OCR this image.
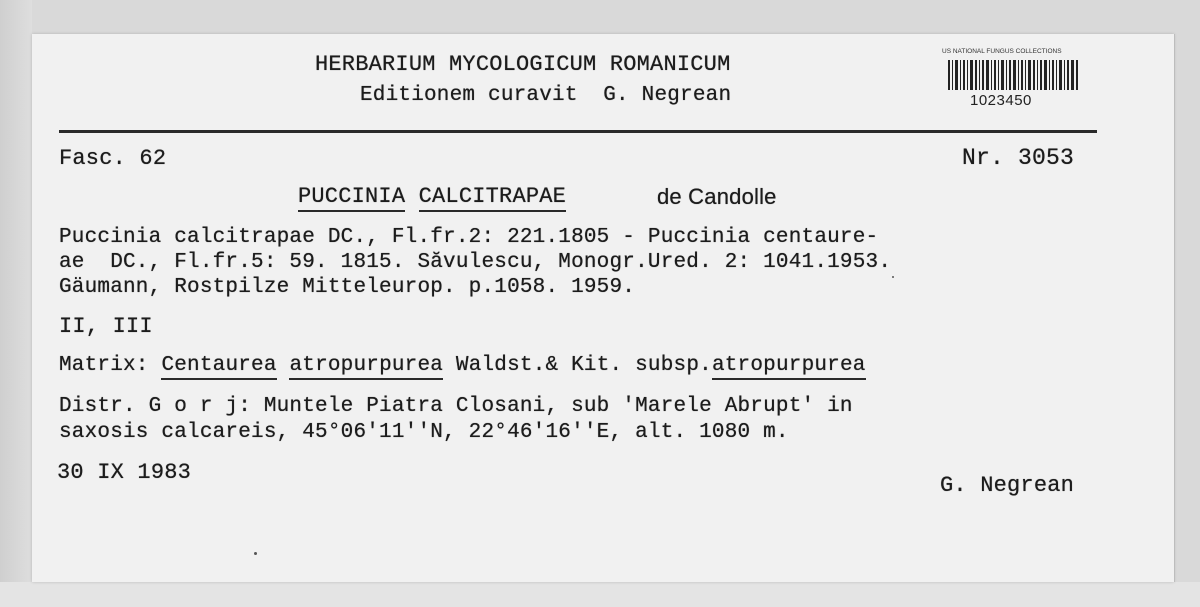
HERBARIUM MYCOLOGICUM ROMANICUM
Editionem curavit  G. Negrean
US NATIONAL FUNGUS COLLECTIONS
1023450
Fasc. 62	Nr. 3053
PUCCINIA CALCITRAPAE	de Candolle
Puccinia calcitrapae DC., Fl.fr.2: 221.1805 - Puccinia centaure-
ae  DC., Fl.fr.5: 59. 1815. Săvulescu, Monogr.Ured. 2: 1041.1953.
Gäumann, Rostpilze Mitteleurop. p.1058. 1959.
II, III
Matrix: Centaurea atropurpurea Waldst.& Kit. subsp.atropurpurea
Distr. G o r j: Muntele Piatra Closani, sub 'Marele Abrupt' in
saxosis calcareis, 45°06'11''N, 22°46'16''E, alt. 1080 m.
30 IX 1983
G. Negrean
